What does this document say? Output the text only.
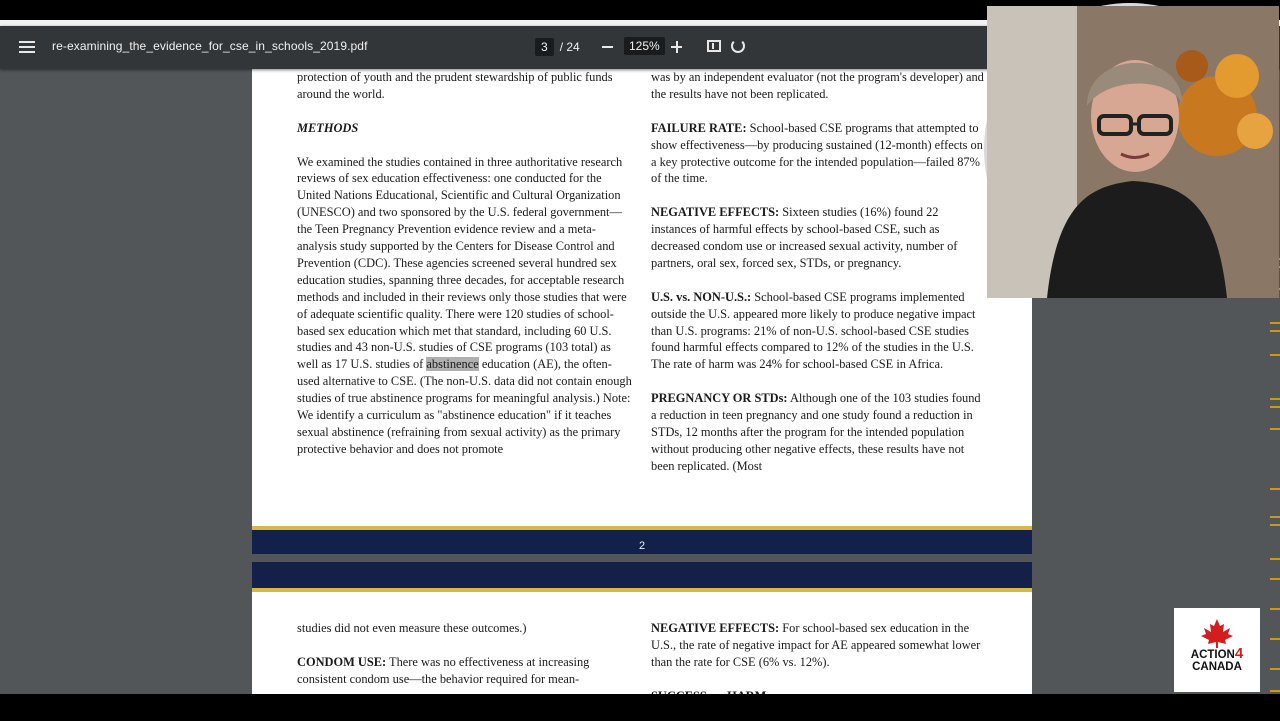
re-examining_the_evidence_for_cse_in_schools_2019.pdf	3	/ 24	125%

protection of youth and the prudent stewardship of public funds around the world.

METHODS

We examined the studies contained in three authoritative research reviews of sex education effectiveness: one conducted for the United Nations Educational, Scientific and Cultural Organization (UNESCO) and two sponsored by the U.S. federal government—the Teen Pregnancy Prevention evidence review and a meta-analysis study supported by the Centers for Disease Control and Prevention (CDC). These agencies screened several hundred sex education studies, spanning three decades, for acceptable research methods and included in their reviews only those studies that were of adequate scientific quality. There were 120 studies of school-based sex education which met that standard, including 60 U.S. studies and 43 non-U.S. studies of CSE programs (103 total) as well as 17 U.S. studies of abstinence education (AE), the often-used alternative to CSE. (The non-U.S. data did not contain enough studies of true abstinence programs for meaningful analysis.) Note: We identify a curriculum as "abstinence education" if it teaches sexual abstinence (refraining from sexual activity) as the primary protective behavior and does not promote

was by an independent evaluator (not the program's developer) and the results have not been replicated.

FAILURE RATE: School-based CSE programs that attempted to show effectiveness—by producing sustained (12-month) effects on a key protective outcome for the intended population—failed 87% of the time.

NEGATIVE EFFECTS: Sixteen studies (16%) found 22 instances of harmful effects by school-based CSE, such as decreased condom use or increased sexual activity, number of partners, oral sex, forced sex, STDs, or pregnancy.

U.S. vs. NON-U.S.: School-based CSE programs implemented outside the U.S. appeared more likely to produce negative impact than U.S. programs: 21% of non-U.S. school-based CSE studies found harmful effects compared to 12% of the studies in the U.S. The rate of harm was 24% for school-based CSE in Africa.

PREGNANCY OR STDs: Although one of the 103 studies found a reduction in teen pregnancy and one study found a reduction in STDs, 12 months after the program for the intended population without producing other negative effects, these results have not been replicated. (Most

2

studies did not even measure these outcomes.)

CONDOM USE: There was no effectiveness at increasing consistent condom use—the behavior required for mean-

NEGATIVE EFFECTS: For school-based sex education in the U.S., the rate of negative impact for AE appeared somewhat lower than the rate for CSE (6% vs. 12%).	ACTION4
CANADA
